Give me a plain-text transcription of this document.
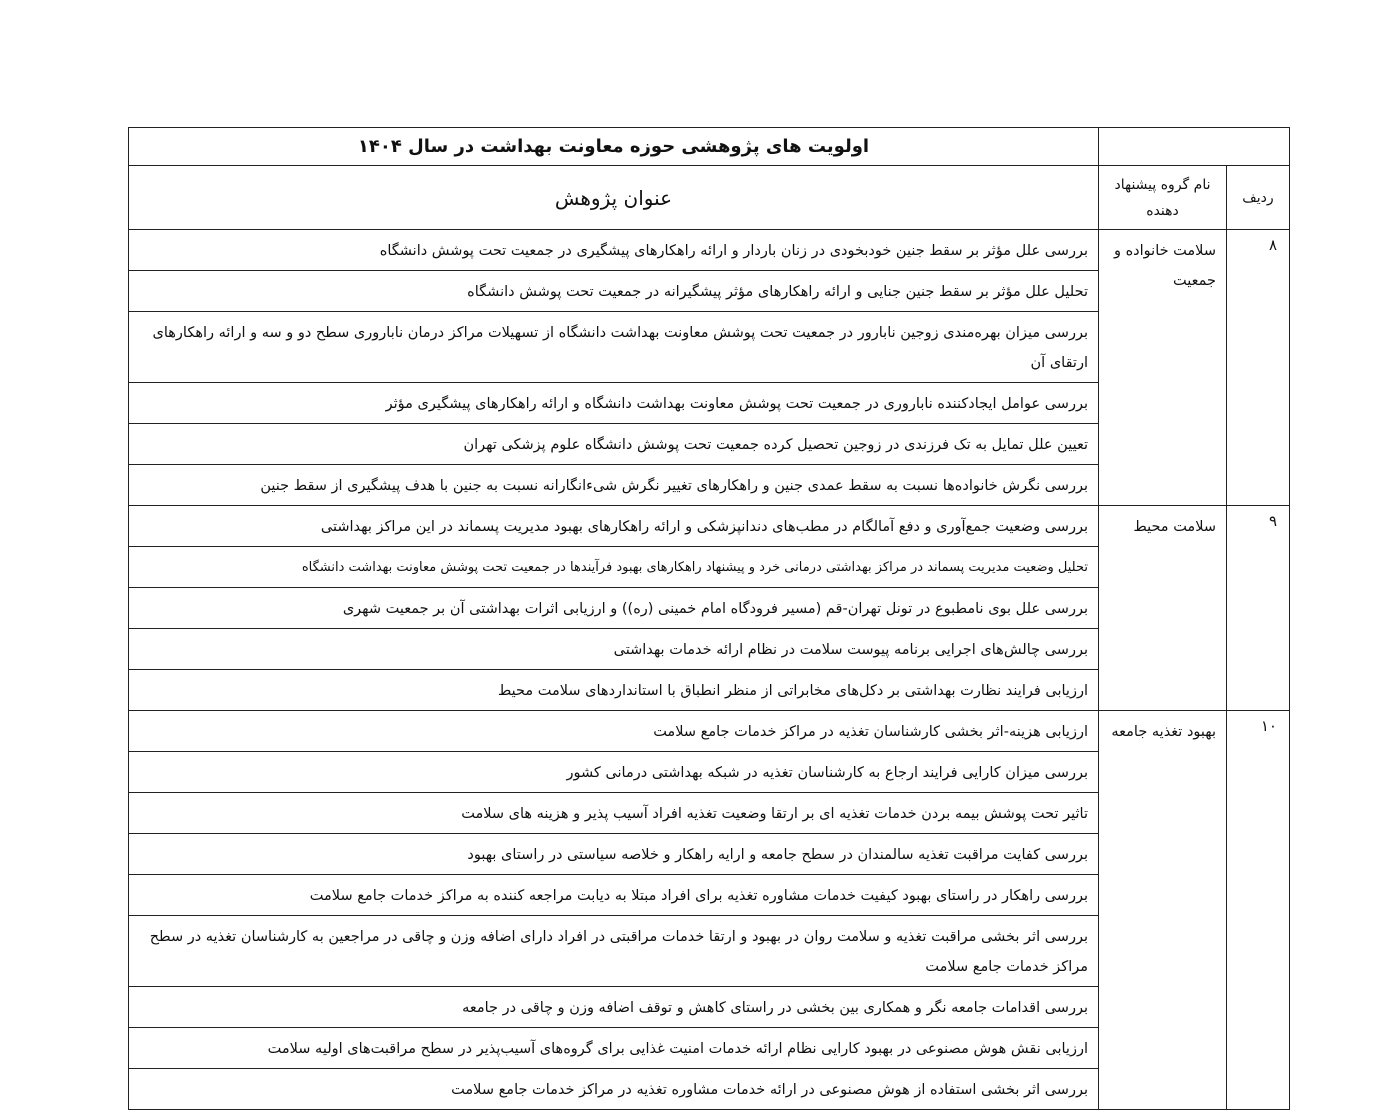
		اولویت های پژوهشی حوزه معاونت بهداشت در سال ۱۴۰۴
ردیف	نام گروه پیشنهاد دهنده	عنوان پژوهش
۸	سلامت خانواده و جمعیت	بررسی علل مؤثر بر سقط جنین خودبخودی در زنان باردار و ارائه راهکارهای پیشگیری در جمعیت تحت پوشش دانشگاه
		تحلیل علل مؤثر بر سقط جنین جنایی و ارائه راهکارهای مؤثر پیشگیرانه در جمعیت تحت پوشش دانشگاه
		بررسی میزان بهره‌مندی زوجین نابارور در جمعیت تحت پوشش معاونت بهداشت دانشگاه از تسهیلات مراکز درمان ناباروری سطح دو و سه و ارائه راهکارهای ارتقای آن
		بررسی عوامل ایجادکننده ناباروری در جمعیت تحت پوشش معاونت بهداشت دانشگاه و ارائه راهکارهای پیشگیری مؤثر
		تعیین علل تمایل به تک فرزندی در زوجین تحصیل کرده جمعیت تحت پوشش دانشگاه علوم پزشکی تهران
		بررسی نگرش خانواده‌ها نسبت به سقط عمدی جنین و راهکارهای تغییر نگرش شیءانگارانه نسبت به جنین با هدف پیشگیری از سقط جنین
۹	سلامت محیط	بررسی وضعیت جمع‌آوری و دفع آمالگام در مطب‌های دندانپزشکی و ارائه راهکارهای بهبود مدیریت پسماند در این مراکز بهداشتی
		تحلیل وضعیت مدیریت پسماند در مراکز بهداشتی درمانی خرد و پیشنهاد راهکارهای بهبود فرآیندها در جمعیت تحت پوشش معاونت بهداشت دانشگاه
		بررسی علل بوی نامطبوع در تونل تهران-قم (مسیر فرودگاه امام خمینی (ره)) و ارزیابی اثرات بهداشتی آن بر جمعیت شهری
		بررسی چالش‌های اجرایی برنامه پیوست سلامت در نظام ارائه خدمات بهداشتی
		ارزیابی فرایند نظارت بهداشتی بر دکل‌های مخابراتی از منظر انطباق با استانداردهای سلامت محیط
۱۰	بهبود تغذیه جامعه	ارزیابی هزینه-اثر بخشی کارشناسان تغذیه در مراکز خدمات جامع سلامت
		بررسی میزان کارایی فرایند ارجاع به کارشناسان تغذیه در شبکه بهداشتی درمانی کشور
		تاثیر تحت پوشش بیمه بردن خدمات تغذیه ای بر ارتقا وضعیت تغذیه افراد آسیب پذیر و هزینه های سلامت
		بررسی کفایت مراقبت تغذیه سالمندان در سطح جامعه و ارایه راهکار و خلاصه سیاستی در راستای بهبود
		بررسی راهکار در راستای بهبود کیفیت خدمات مشاوره تغذیه برای افراد مبتلا به دیابت مراجعه کننده به مراکز خدمات جامع سلامت
		بررسی اثر بخشی مراقبت تغذیه و سلامت روان در بهبود و ارتقا خدمات مراقبتی در افراد دارای اضافه وزن و چاقی در مراجعین به کارشناسان تغذیه در سطح مراکز خدمات جامع سلامت
		بررسی اقدامات جامعه نگر و همکاری بین بخشی در راستای کاهش و توقف اضافه وزن و چاقی در جامعه
		ارزیابی نقش هوش مصنوعی در بهبود کارایی نظام ارائه خدمات امنیت غذایی برای گروه‌های آسیب‌پذیر در سطح مراقبت‌های اولیه سلامت
		بررسی اثر بخشی استفاده از هوش مصنوعی در ارائه خدمات مشاوره تغذیه در مراکز خدمات جامع سلامت
